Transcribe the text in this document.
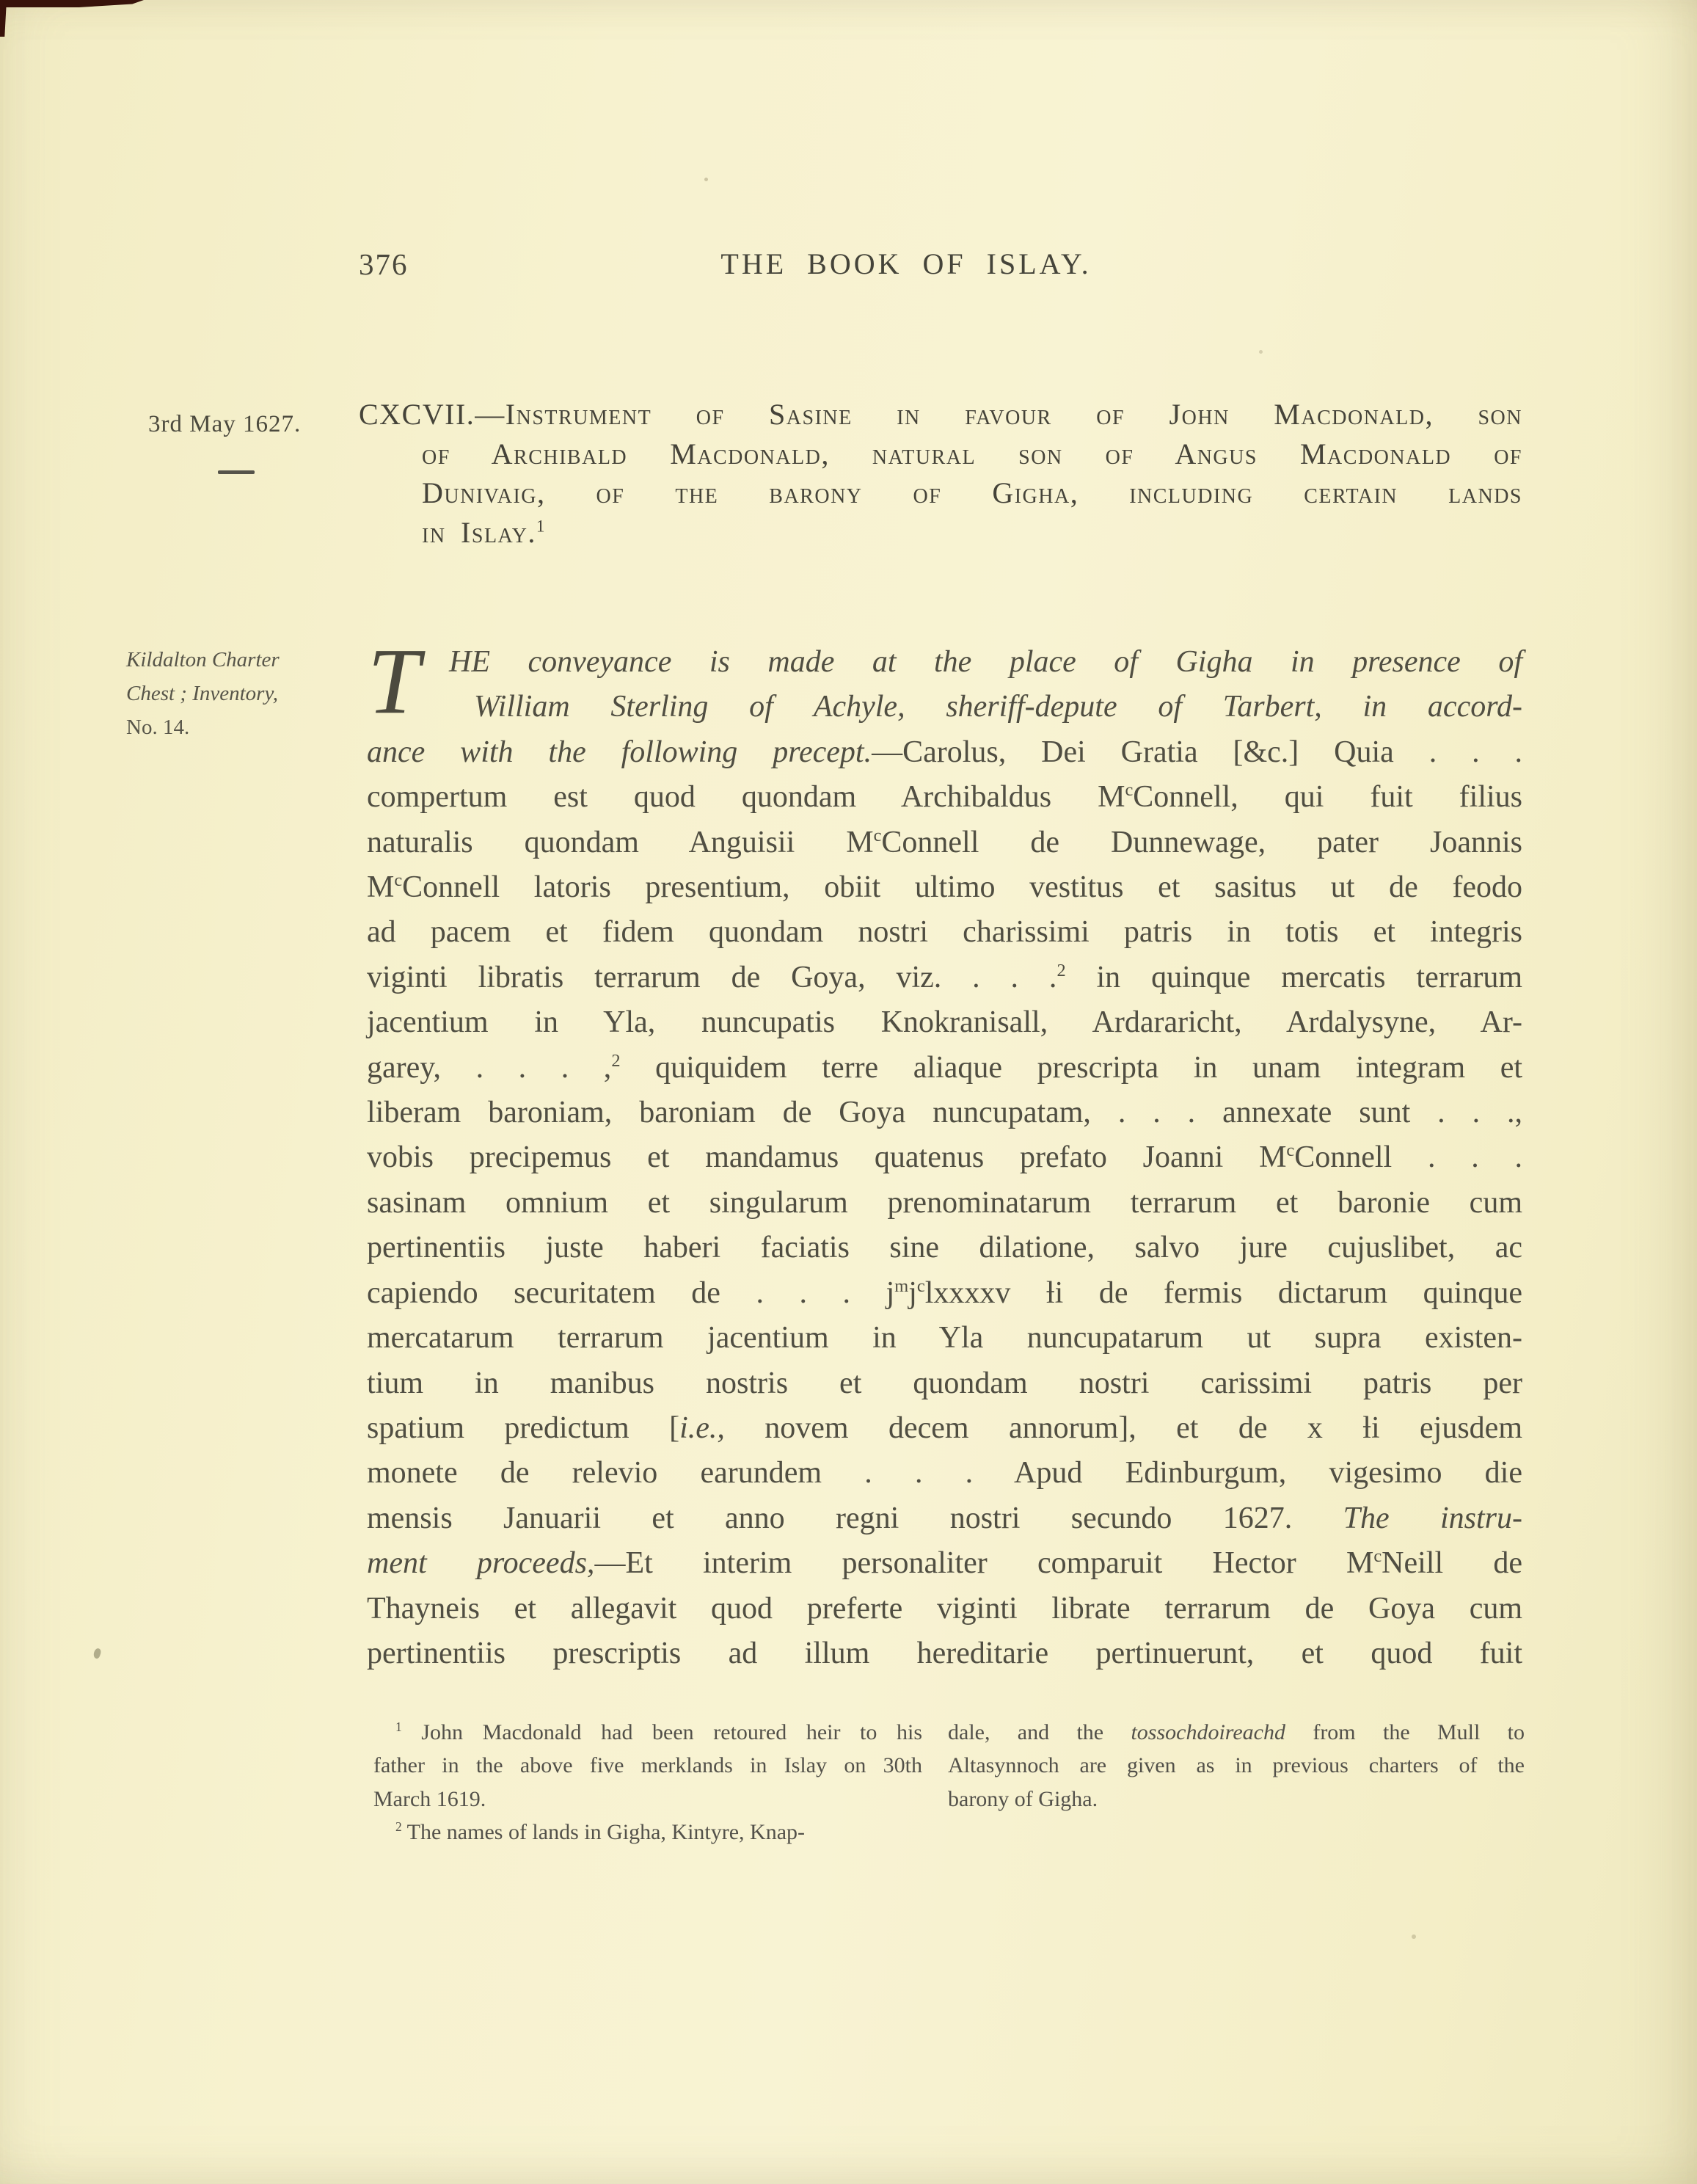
376	THE BOOK OF ISLAY.
3rd May 1627.
Kildalton Charter
Chest ; Inventory,
No. 14.
CXCVII.—Instrument of Sasine in favour of John Macdonald, son
of Archibald Macdonald, natural son of Angus Macdonald of
Dunivaig, of the barony of Gigha, including certain lands
in Islay.$^1$
T HE conveyance is made at the place of Gigha in presence of
William Sterling of Achyle, sheriff-depute of Tarbert, in accord-
ance with the following precept.—Carolus, Dei Gratia [&c.] Quia . . .
compertum est quod quondam Archibaldus $M^cConnell$, qui fuit filius
naturalis quondam Anguisii $M^cConnell$ de Dunnewage, pater Joannis
$M^cConnell$ latoris presentium, obiit ultimo vestitus et sasitus ut de feodo
ad pacem et fidem quondam nostri charissimi patris in totis et integris
viginti libratis terrarum de Goya, viz. . . .$^2$ in quinque mercatis terrarum
jacentium in Yla, nuncupatis Knokranisall, Ardararicht, Ardalysyne, Ar-
garey, . . . ,$^2$ quiquidem terre aliaque prescripta in unam integram et
liberam baroniam, baroniam de Goya nuncupatam, . . . annexate sunt . . .,
vobis precipemus et mandamus quatenus prefato Joanni $M^cConnell$ . . .
sasinam omnium et singularum prenominatarum terrarum et baronie cum
pertinentiis juste haberi faciatis sine dilatione, salvo jure cujuslibet, ac
capiendo securitatem de . . . $j^mj^clxxxxv$ ƚi de fermis dictarum quinque
mercatarum terrarum jacentium in Yla nuncupatarum ut supra existen-
tium in manibus nostris et quondam nostri carissimi patris per
spatium predictum [i.e., novem decem annorum], et de x ƚi ejusdem
monete de relevio earundem . . . Apud Edinburgum, vigesimo die
mensis Januarii et anno regni nostri secundo 1627. The instru-
ment proceeds,—Et interim personaliter comparuit Hector $M^cNeill$ de
Thayneis et allegavit quod preferte viginti librate terrarum de Goya cum
pertinentiis prescriptis ad illum hereditarie pertinuerunt, et quod fuit
$^1$ John Macdonald had been retoured heir to his
father in the above five merklands in Islay on 30th
March 1619.
$^2$ The names of lands in Gigha, Kintyre, Knap-
dale, and the tossochdoireachd from the Mull to
Altasynnoch are given as in previous charters of the
barony of Gigha.
